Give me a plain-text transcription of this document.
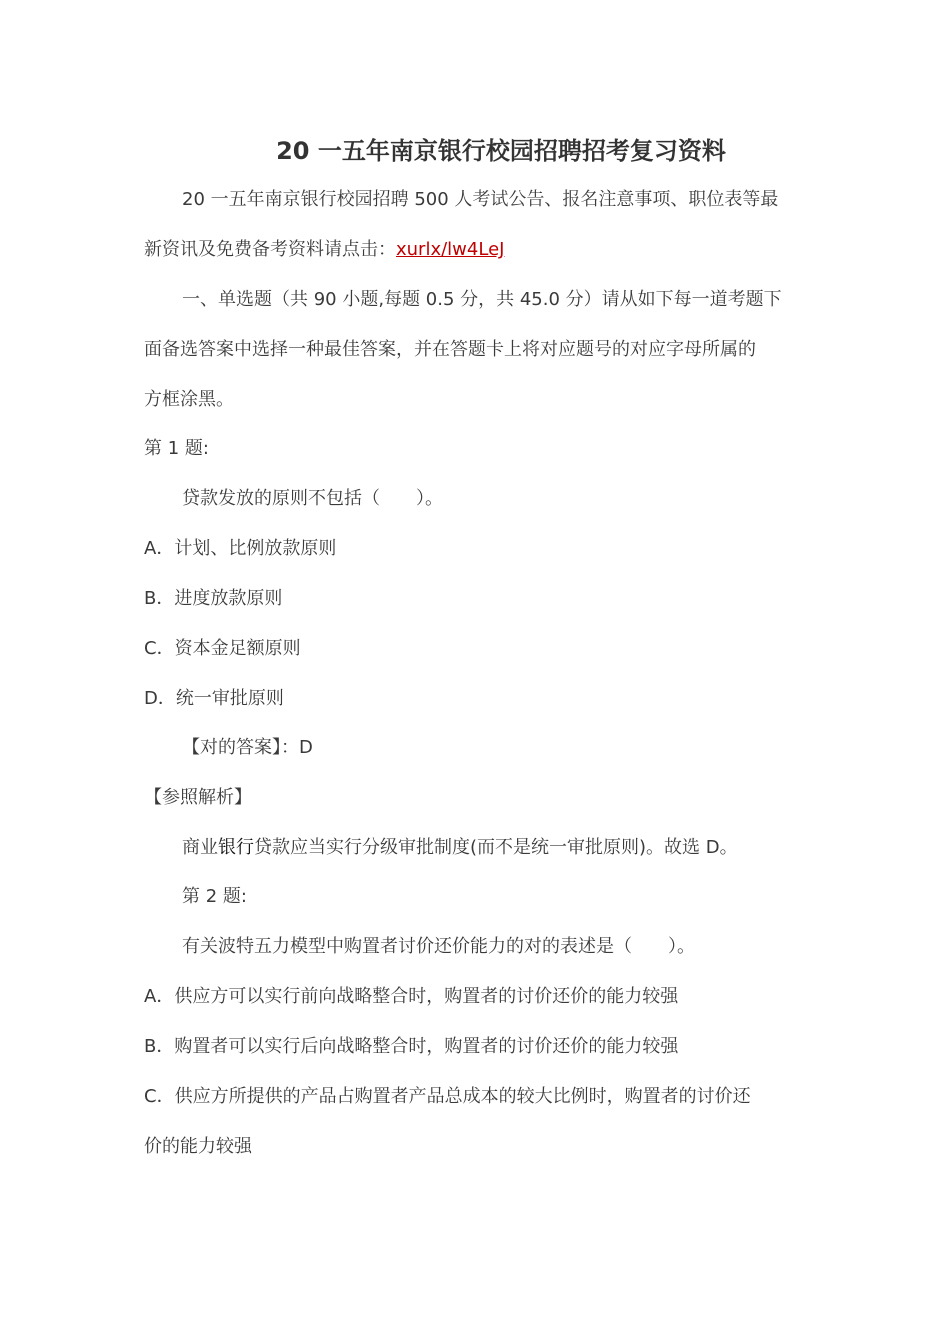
20 一五年南京银行校园招聘招考复习资料
20 一五年南京银行校园招聘 500 人考试公告、报名注意事项、职位表等最
新资讯及免费备考资料请点击：xurlx/lw4LeJ
一、单选题（共 90 小题,每题 0.5 分，共 45.0 分）请从如下每一道考题下
面备选答案中选择一种最佳答案，并在答题卡上将对应题号的对应字母所属的
方框涂黑。
第 1 题:
贷款发放的原则不包括（　　）。
A．计划、比例放款原则
B．进度放款原则
C．资本金足额原则
D．统一审批原则
【对的答案】：D
【参照解析】
商业银行贷款应当实行分级审批制度(而不是统一审批原则)。故选 D。
第 2 题:
有关波特五力模型中购置者讨价还价能力的对的表述是（　　）。
A．供应方可以实行前向战略整合时，购置者的讨价还价的能力较强
B．购置者可以实行后向战略整合时，购置者的讨价还价的能力较强
C．供应方所提供的产品占购置者产品总成本的较大比例时，购置者的讨价还
价的能力较强
